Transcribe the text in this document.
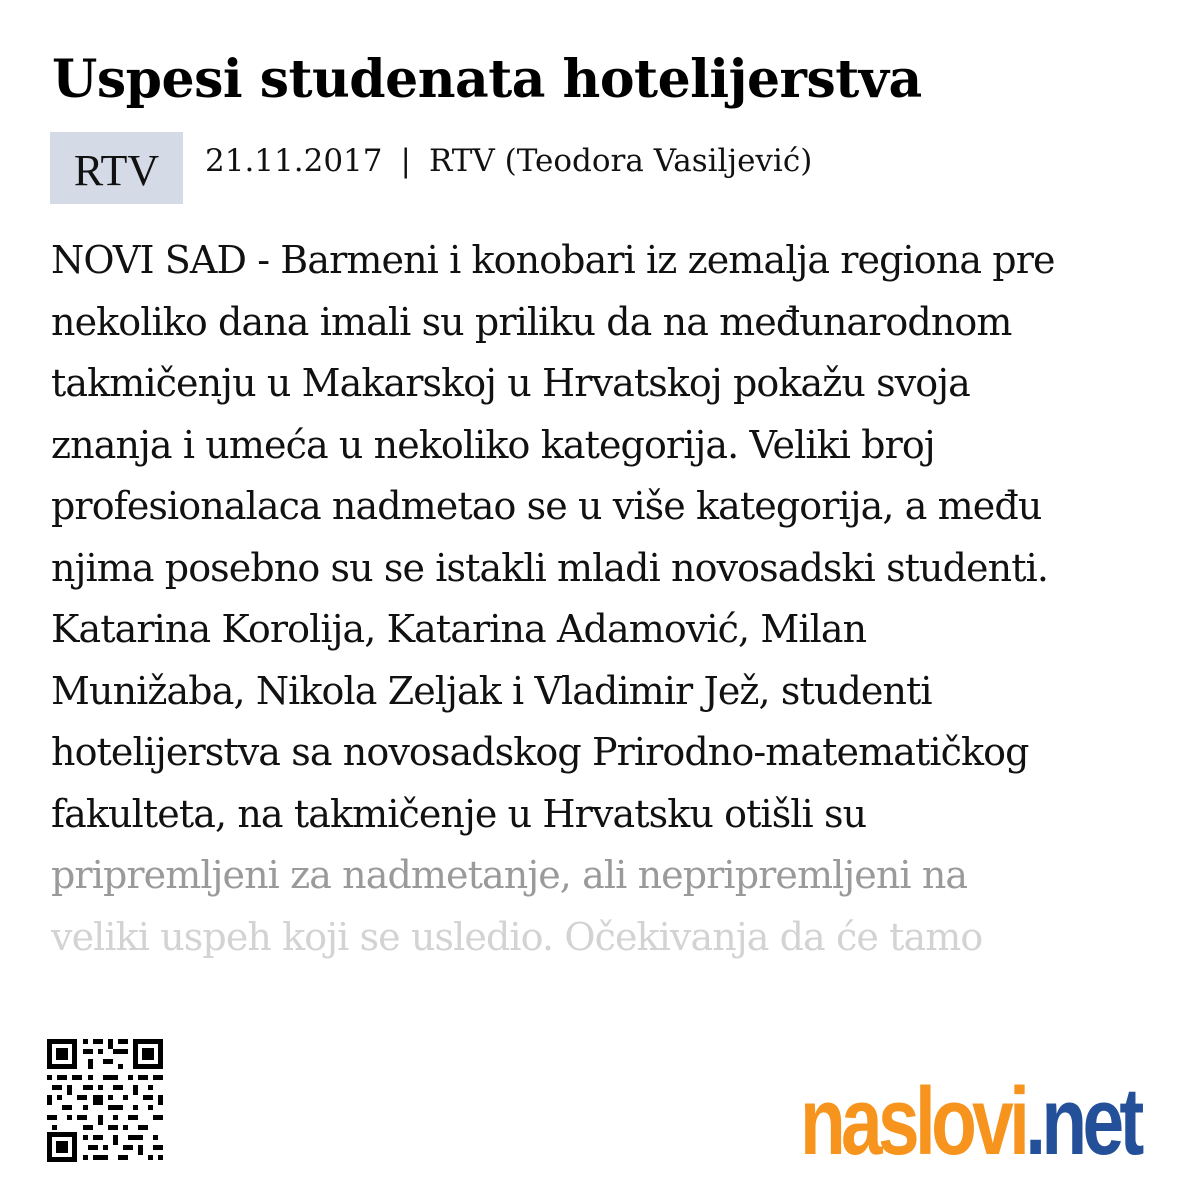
Uspesi studenata hotelijerstva
RTV	21.11.2017 | RTV (Teodora Vasiljević)
NOVI SAD - Barmeni i konobari iz zemalja regiona pre
nekoliko dana imali su priliku da na međunarodnom
takmičenju u Makarskoj u Hrvatskoj pokažu svoja
znanja i umeća u nekoliko kategorija. Veliki broj
profesionalaca nadmetao se u više kategorija, a među
njima posebno su se istakli mladi novosadski studenti.
Katarina Korolija, Katarina Adamović, Milan
Munižaba, Nikola Zeljak i Vladimir Jež, studenti
hotelijerstva sa novosadskog Prirodno-matematičkog
fakulteta, na takmičenje u Hrvatsku otišli su
pripremljeni za nadmetanje, ali nepripremljeni na
veliki uspeh koji se usledio. Očekivanja da će tamo
naslovi .net
